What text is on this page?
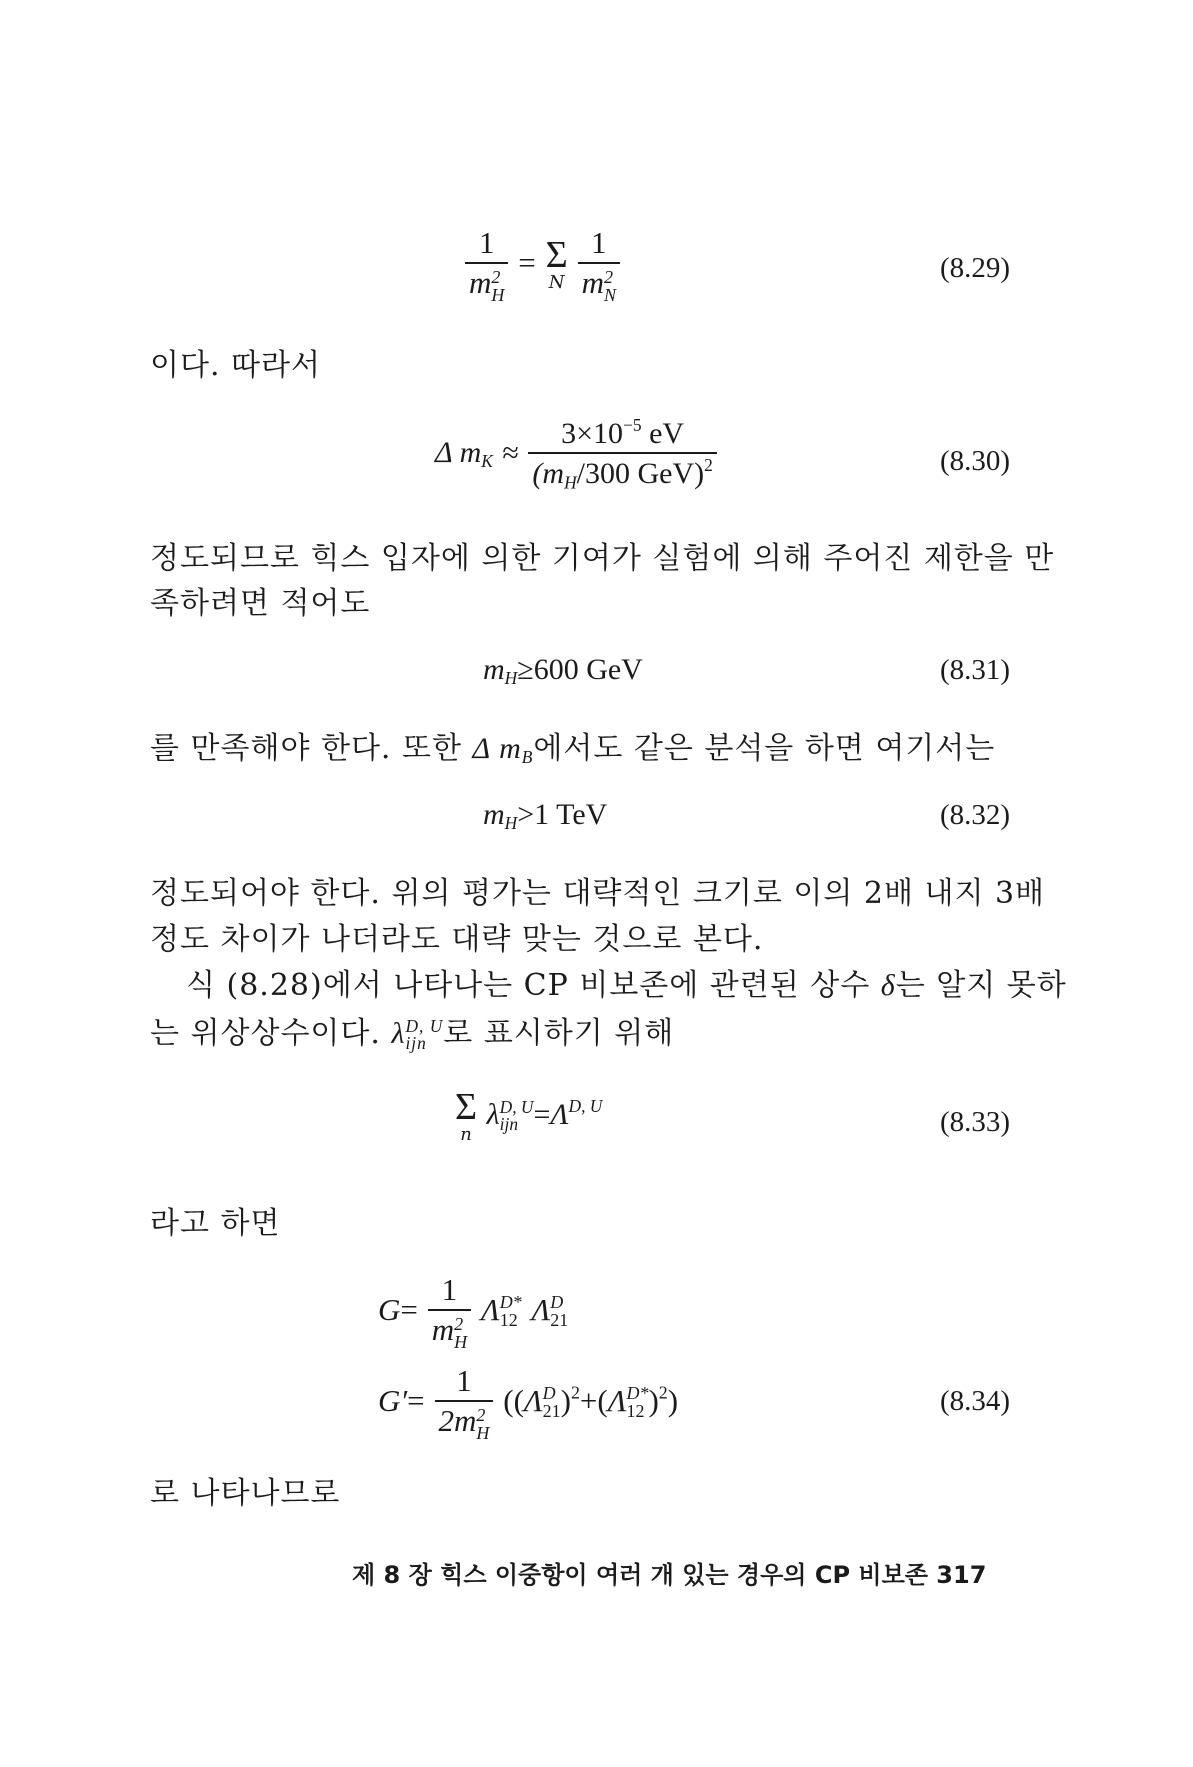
1
m 2
H = Σ
N
1
m 2
N	(8.29)
이다. 따라서
Δ $m_K \approx \frac{3\times 10^{-5} eV}{(m_H/300 GeV)^2}$	(8.30)
정도되므로 힉스 입자에 의한 기여가 실험에 의해 주어진 제한을 만
족하려면 적어도
$m_H\ge 600$ GeV	(8.31)
를 만족해야 한다. 또한 Δ $m_B$에서도 같은 분석을 하면 여기서는
$m_H>1$ TeV	(8.32)
정도되어야 한다. 위의 평가는 대략적인 크기로 이의 2배 내지 3배
정도 차이가 나더라도 대략 맞는 것으로 본다.
식 (8.28)에서 나타나는 CP 비보존에 관련된 상수 δ는 알지 못하
는 위상상수이다. λ D, U
ijn 로 표시하기 위해
Σ
n
λ D, U
ijn $=\Lambda^{D, U}$
(8.33)
라고 하면
G= 1
m 2
H Λ D*
12 Λ D
21
G′= 1
2m 2
H ((Λ D
21 )$^2$+(Λ D*
12 )$^2$)	(8.34)
로 나타나므로
제 8 장 힉스 이중항이 여러 개 있는 경우의 CP 비보존 317
